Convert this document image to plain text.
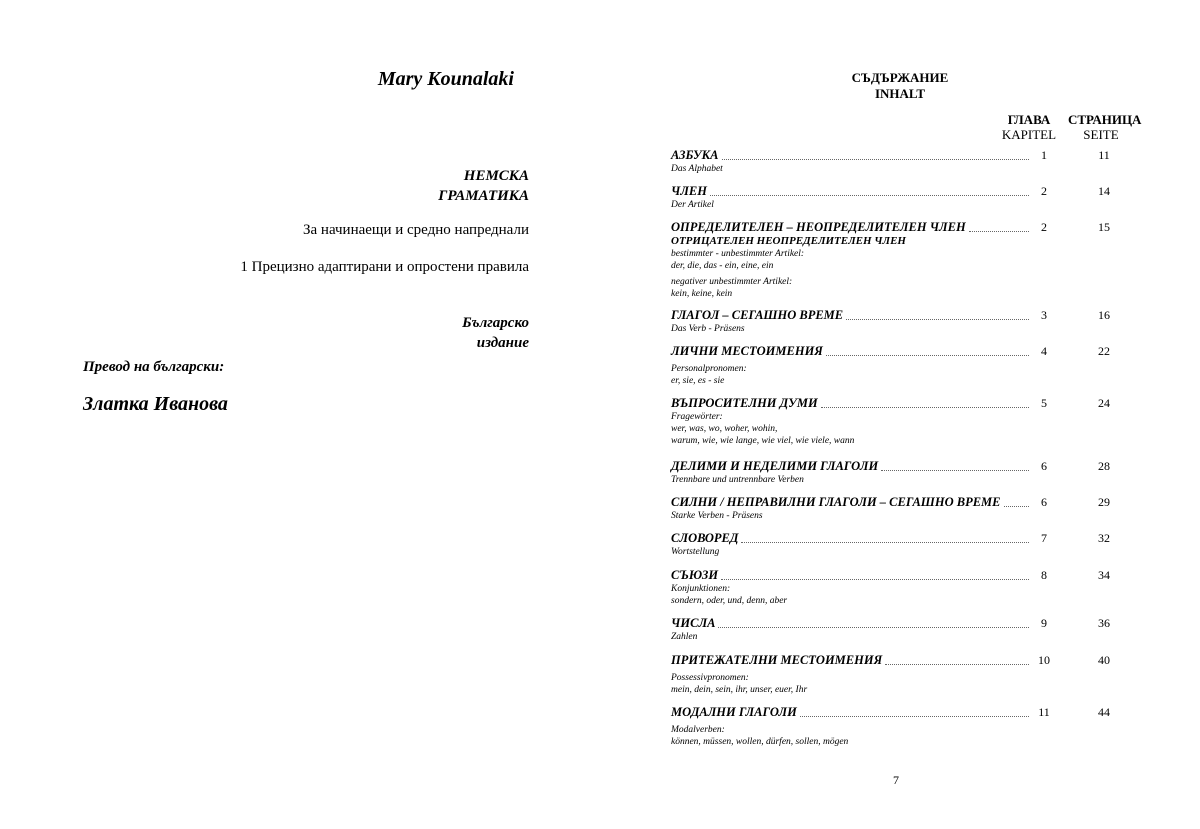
Mary Kounalaki
НЕМСКА
ГРАМАТИКА
За начинаещи и средно напреднали
1 Прецизно адаптирани и опростени правила
Българско
издание
Превод на български:
Златка Иванова
СЪДЪРЖАНИЕ
INHALT
ГЛАВА
KAPITEL
СТРАНИЦА
SEITE
АЗБУКА	1	11
Das Alphabet
ЧЛЕН	2	14
Der Artikel
ОПРЕДЕЛИТЕЛЕН – НЕОПРЕДЕЛИТЕЛЕН ЧЛЕН	2	15
ОТРИЦАТЕЛЕН НЕОПРЕДЕЛИТЕЛЕН ЧЛЕН
bestimmter - unbestimmter Artikel:
der, die, das - ein, eine, ein
negativer unbestimmter Artikel:
kein, keine, kein
ГЛАГОЛ – СЕГАШНО ВРЕМЕ	3	16
Das Verb - Präsens
ЛИЧНИ МЕСТОИМЕНИЯ	4	22
Personalpronomen:
er, sie, es - sie
ВЪПРОСИТЕЛНИ ДУМИ	5	24
Fragewörter:
wer, was, wo, woher, wohin,
warum, wie, wie lange, wie viel, wie viele, wann
ДЕЛИМИ И НЕДЕЛИМИ ГЛАГОЛИ	6	28
Trennbare und untrennbare Verben
СИЛНИ / НЕПРАВИЛНИ ГЛАГОЛИ – СЕГАШНО ВРЕМЕ	6	29
Starke Verben - Präsens
СЛОВОРЕД	7	32
Wortstellung
СЪЮЗИ	8	34
Konjunktionen:
sondern, oder, und, denn, aber
ЧИСЛА	9	36
Zahlen
ПРИТЕЖАТЕЛНИ МЕСТОИМЕНИЯ	10	40
Possessivpronomen:
mein, dein, sein, ihr, unser, euer, Ihr
МОДАЛНИ ГЛАГОЛИ	11	44
Modalverben:
können, müssen, wollen, dürfen, sollen, mögen
7
